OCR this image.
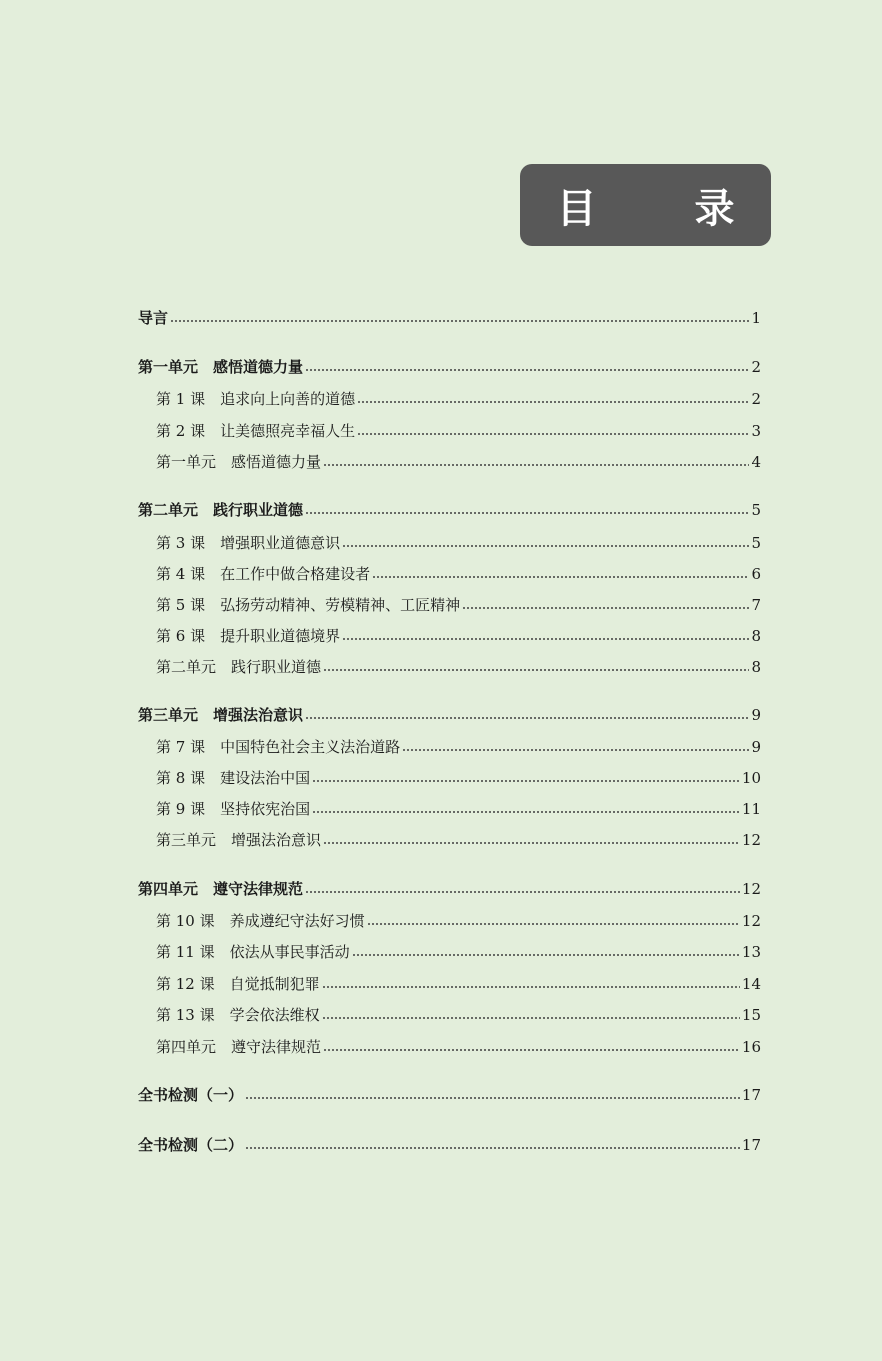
目 录
导言	1
第一单元　感悟道德力量	2
第 1 课　追求向上向善的道德	2
第 2 课　让美德照亮幸福人生	3
第一单元　感悟道德力量	4
第二单元　践行职业道德	5
第 3 课　增强职业道德意识	5
第 4 课　在工作中做合格建设者	6
第 5 课　弘扬劳动精神、劳模精神、工匠精神	7
第 6 课　提升职业道德境界	8
第二单元　践行职业道德	8
第三单元　增强法治意识	9
第 7 课　中国特色社会主义法治道路	9
第 8 课　建设法治中国	10
第 9 课　坚持依宪治国	11
第三单元　增强法治意识	12
第四单元　遵守法律规范	12
第 10 课　养成遵纪守法好习惯	12
第 11 课　依法从事民事活动	13
第 12 课　自觉抵制犯罪	14
第 13 课　学会依法维权	15
第四单元　遵守法律规范	16
全书检测（一）	17
全书检测（二）	17
